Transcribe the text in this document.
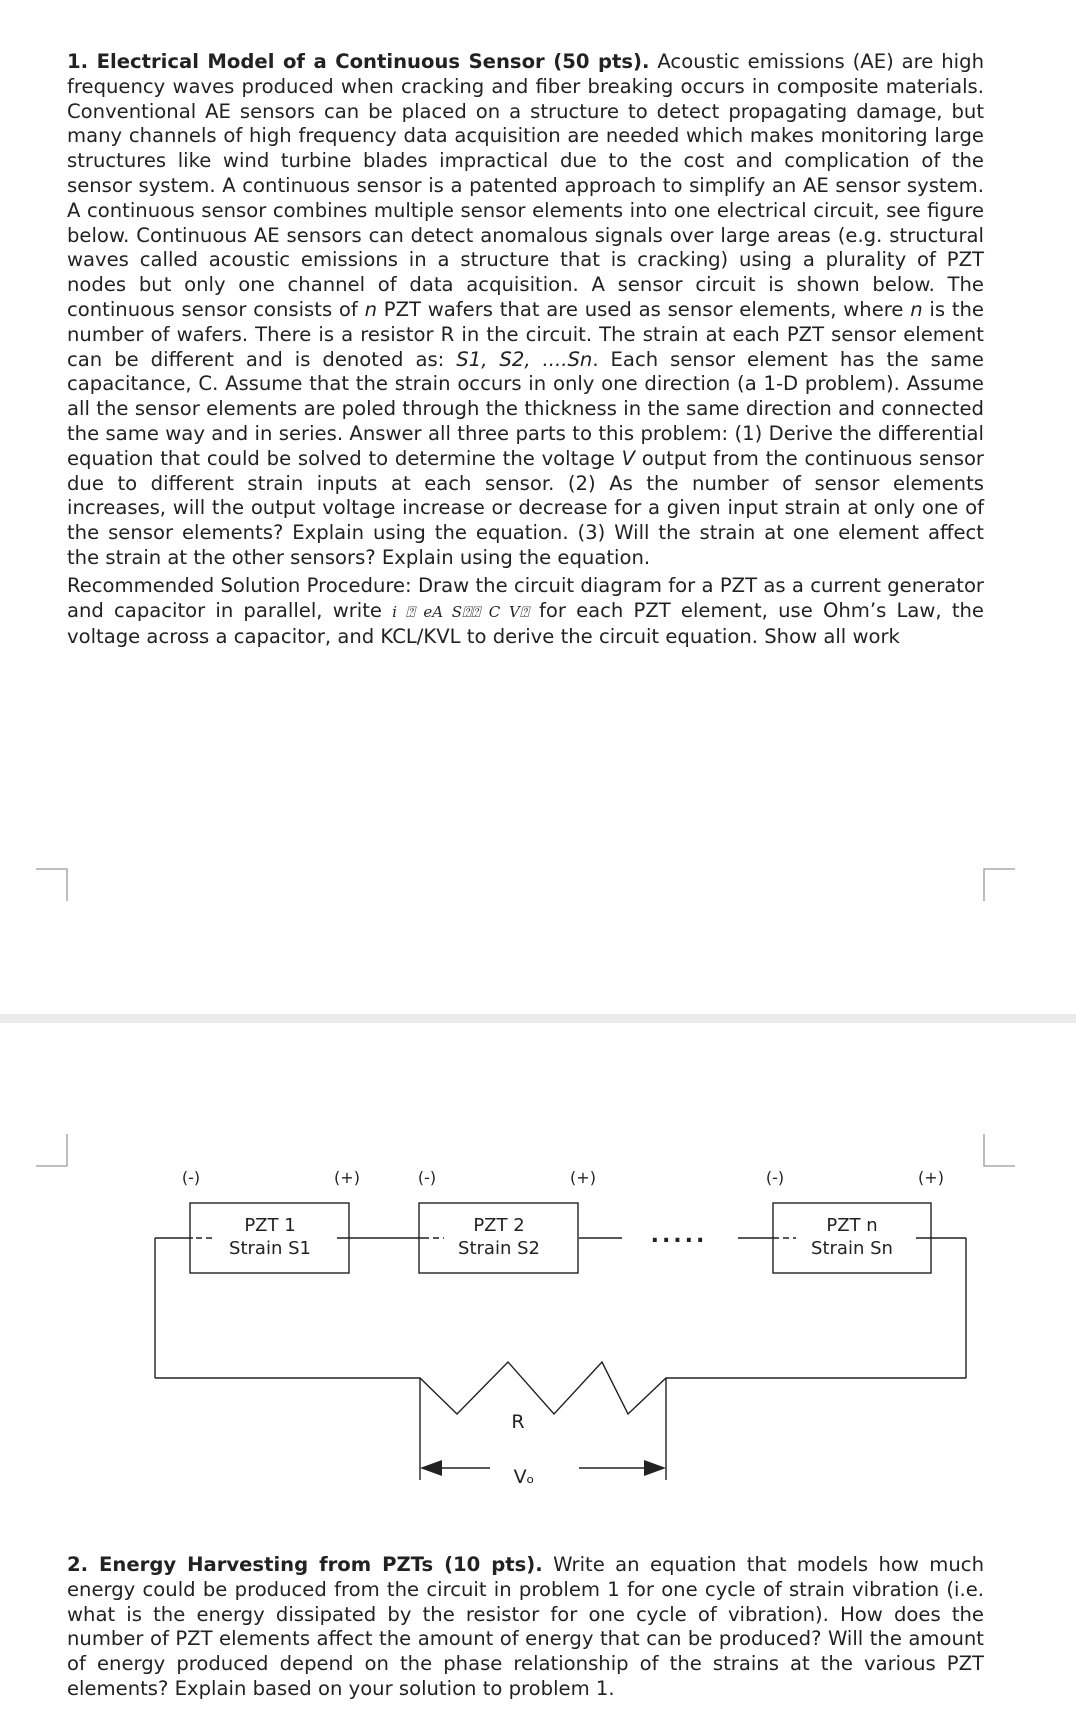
1. Electrical Model of a Continuous Sensor (50 pts). Acoustic emissions (AE) are high frequency waves produced when cracking and fiber breaking occurs in composite materials. Conventional AE sensors can be placed on a structure to detect propagating damage, but many channels of high frequency data acquisition are needed which makes monitoring large structures like wind turbine blades impractical due to the cost and complication of the sensor system. A continuous sensor is a patented approach to simplify an AE sensor system. A continuous sensor combines multiple sensor elements into one electrical circuit, see figure below. Continuous AE sensors can detect anomalous signals over large areas (e.g. structural waves called acoustic emissions in a structure that is cracking) using a plurality of PZT nodes but only one channel of data acquisition. A sensor circuit is shown below. The continuous sensor consists of n PZT wafers that are used as sensor elements, where n is the number of wafers. There is a resistor R in the circuit. The strain at each PZT sensor element can be different and is denoted as: S1, S2, ....Sn. Each sensor element has the same capacitance, C. Assume that the strain occurs in only one direction (a 1-D problem). Assume all the sensor elements are poled through the thickness in the same direction and connected the same way and in series. Answer all three parts to this problem: (1) Derive the differential equation that could be solved to determine the voltage V output from the continuous sensor due to different strain inputs at each sensor. (2) As the number of sensor elements increases, will the output voltage increase or decrease for a given input strain at only one of the sensor elements? Explain using the equation. (3) Will the strain at one element affect the strain at the other sensors? Explain using the equation.

Recommended Solution Procedure: Draw the circuit diagram for a PZT as a current generator and capacitor in parallel, write i ⍰ eA S⍰⍰ C V⍰ for each PZT element, use Ohm’s Law, the voltage across a capacitor, and KCL/KVL to derive the circuit equation. Show all work

PZT 1
Strain S1
PZT 2
Strain S2
PZT n
Strain Sn
(-)	(+)	(-)	(+)	(-)	(+)
.....
R
Vₒ

2. Energy Harvesting from PZTs (10 pts). Write an equation that models how much energy could be produced from the circuit in problem 1 for one cycle of strain vibration (i.e. what is the energy dissipated by the resistor for one cycle of vibration). How does the number of PZT elements affect the amount of energy that can be produced? Will the amount of energy produced depend on the phase relationship of the strains at the various PZT elements? Explain based on your solution to problem 1.
